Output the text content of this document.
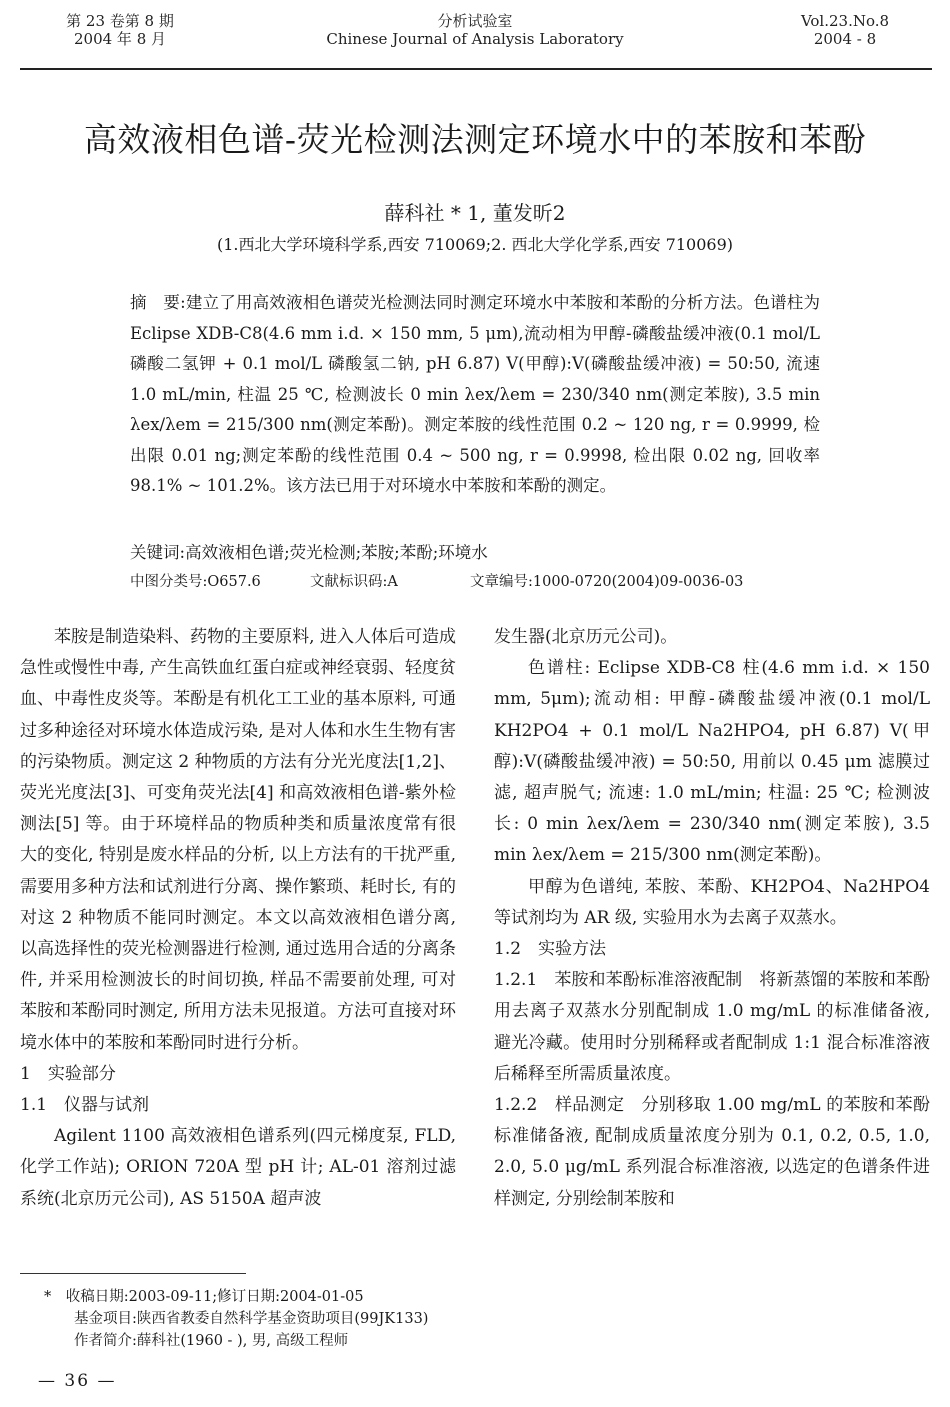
第 23 卷第 8 期
2004 年 8 月
分析试验室
Chinese Journal of Analysis Laboratory
Vol.23.No.8
2004 - 8
高效液相色谱-荧光检测法测定环境水中的苯胺和苯酚
薛科社 * 1, 董发昕2
(1.西北大学环境科学系,西安 710069;2. 西北大学化学系,西安 710069)
摘　要:建立了用高效液相色谱荧光检测法同时测定环境水中苯胺和苯酚的分析方法。色谱柱为 Eclipse XDB-C8(4.6 mm i.d. × 150 mm, 5 μm),流动相为甲醇-磷酸盐缓冲液(0.1 mol/L 磷酸二氢钾 + 0.1 mol/L 磷酸氢二钠, pH 6.87) V(甲醇):V(磷酸盐缓冲液) = 50:50, 流速 1.0 mL/min, 柱温 25 ℃, 检测波长 0 min λex/λem = 230/340 nm(测定苯胺), 3.5 min λex/λem = 215/300 nm(测定苯酚)。测定苯胺的线性范围 0.2 ~ 120 ng, r = 0.9999, 检出限 0.01 ng;测定苯酚的线性范围 0.4 ~ 500 ng, r = 0.9998, 检出限 0.02 ng, 回收率 98.1% ~ 101.2%。该方法已用于对环境水中苯胺和苯酚的测定。
关键词:高效液相色谱;荧光检测;苯胺;苯酚;环境水
中图分类号:O657.6	文献标识码:A	文章编号:1000-0720(2004)09-0036-03

苯胺是制造染料、药物的主要原料, 进入人体后可造成急性或慢性中毒, 产生高铁血红蛋白症或神经衰弱、轻度贫血、中毒性皮炎等。苯酚是有机化工工业的基本原料, 可通过多种途径对环境水体造成污染, 是对人体和水生生物有害的污染物质。测定这 2 种物质的方法有分光光度法[1,2]、荧光光度法[3]、可变角荧光法[4] 和高效液相色谱-紫外检测法[5] 等。由于环境样品的物质种类和质量浓度常有很大的变化, 特别是废水样品的分析, 以上方法有的干扰严重, 需要用多种方法和试剂进行分离、操作繁琐、耗时长, 有的对这 2 种物质不能同时测定。本文以高效液相色谱分离, 以高选择性的荧光检测器进行检测, 通过选用合适的分离条件, 并采用检测波长的时间切换, 样品不需要前处理, 可对苯胺和苯酚同时测定, 所用方法未见报道。方法可直接对环境水体中的苯胺和苯酚同时进行分析。

1　实验部分

1.1　仪器与试剂

Agilent 1100 高效液相色谱系列(四元梯度泵, FLD, 化学工作站); ORION 720A 型 pH 计; AL-01 溶剂过滤系统(北京历元公司), AS 5150A 超声波

发生器(北京历元公司)。

色谱柱: Eclipse XDB-C8 柱(4.6 mm i.d. × 150 mm, 5μm);流动相: 甲醇-磷酸盐缓冲液(0.1 mol/L KH2PO4 + 0.1 mol/L Na2HPO4, pH 6.87) V(甲醇):V(磷酸盐缓冲液) = 50:50, 用前以 0.45 μm 滤膜过滤, 超声脱气; 流速: 1.0 mL/min; 柱温: 25 ℃; 检测波长: 0 min λex/λem = 230/340 nm(测定苯胺), 3.5 min λex/λem = 215/300 nm(测定苯酚)。

甲醇为色谱纯, 苯胺、苯酚、KH2PO4、Na2HPO4 等试剂均为 AR 级, 实验用水为去离子双蒸水。

1.2　实验方法

1.2.1　苯胺和苯酚标准溶液配制　将新蒸馏的苯胺和苯酚用去离子双蒸水分别配制成 1.0 mg/mL 的标准储备液, 避光冷藏。使用时分别稀释或者配制成 1:1 混合标准溶液后稀释至所需质量浓度。

1.2.2　样品测定　分别移取 1.00 mg/mL 的苯胺和苯酚标准储备液, 配制成质量浓度分别为 0.1, 0.2, 0.5, 1.0, 2.0, 5.0 μg/mL 系列混合标准溶液, 以选定的色谱条件进样测定, 分别绘制苯胺和

*　收稿日期:2003-09-11;修订日期:2004-01-05
基金项目:陕西省教委自然科学基金资助项目(99JK133)
作者简介:薛科社(1960 - ), 男, 高级工程师
— 36 —
